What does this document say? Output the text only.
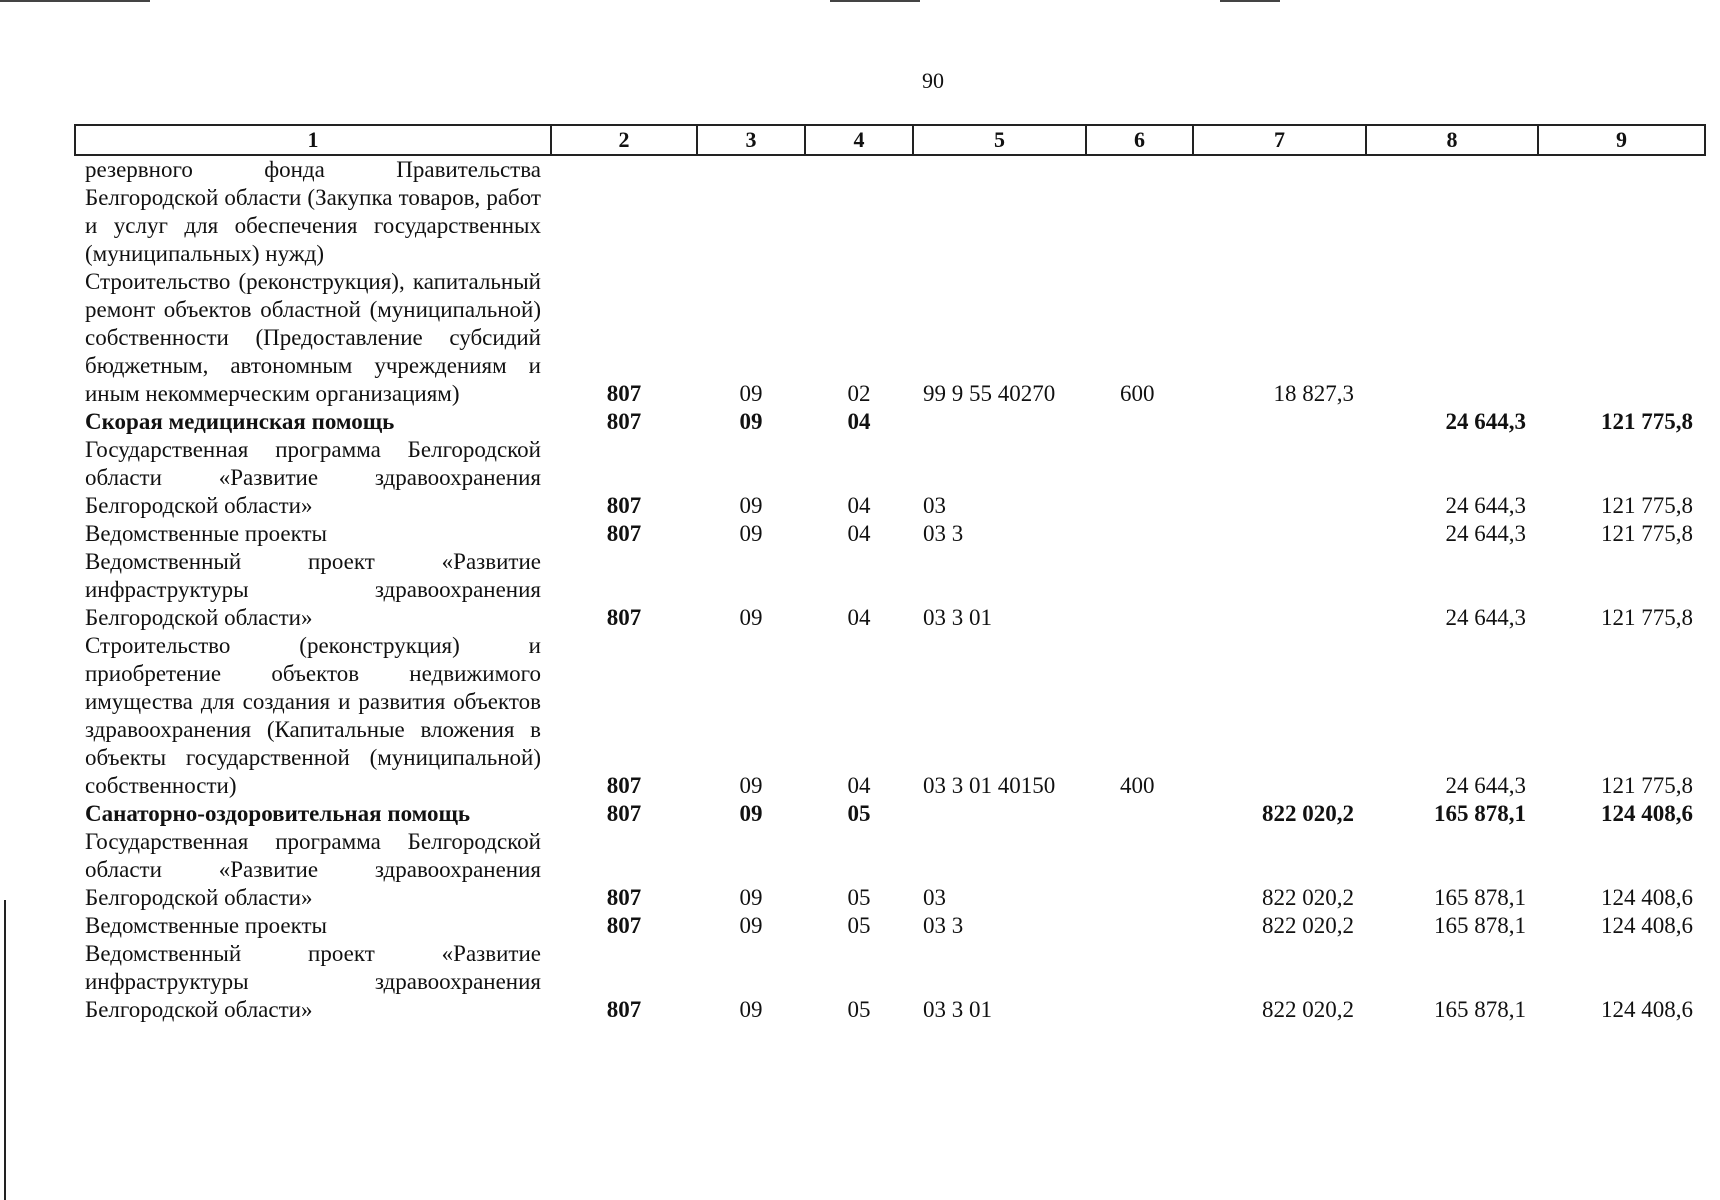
90
1	2	3	4	5	6	7	8	9
резервного фонда Правительства Белгородской области (Закупка товаров, работ и услуг для обеспечения государственных (муниципальных) нужд)								
Строительство (реконструкция), капитальный ремонт объектов областной (муниципальной) собственности (Предоставление субсидий бюджетным, автономным учреждениям и иным некоммерческим организациям)	807	09	02	99 9 55 40270	600	18 827,3		
Скорая медицинская помощь	807	09	04				24 644,3	121 775,8
Государственная программа Белгородской области «Развитие здравоохранения Белгородской области»	807	09	04	03			24 644,3	121 775,8
Ведомственные проекты	807	09	04	03 3			24 644,3	121 775,8
Ведомственный проект «Развитие инфраструктуры здравоохранения Белгородской области»	807	09	04	03 3 01			24 644,3	121 775,8
Строительство (реконструкция) и приобретение объектов недвижимого имущества для создания и развития объектов здравоохранения (Капитальные вложения в объекты государственной (муниципальной) собственности)	807	09	04	03 3 01 40150	400		24 644,3	121 775,8
Санаторно-оздоровительная помощь	807	09	05			822 020,2	165 878,1	124 408,6
Государственная программа Белгородской области «Развитие здравоохранения Белгородской области»	807	09	05	03		822 020,2	165 878,1	124 408,6
Ведомственные проекты	807	09	05	03 3		822 020,2	165 878,1	124 408,6
Ведомственный проект «Развитие инфраструктуры здравоохранения Белгородской области»	807	09	05	03 3 01		822 020,2	165 878,1	124 408,6
